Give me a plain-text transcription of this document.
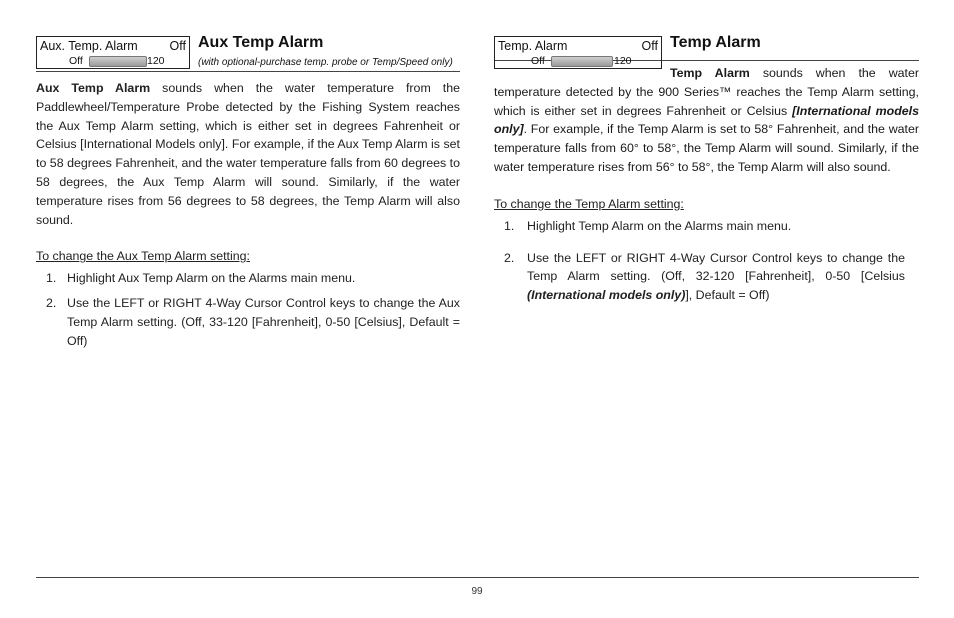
Aux. Temp. Alarm	Off
Off	120
Aux Temp Alarm
(with optional-purchase temp. probe or Temp/Speed only)

Aux Temp Alarm sounds when the water temperature from the Paddlewheel/Temperature Probe detected by the Fishing System reaches the Aux Temp Alarm setting, which is either set in degrees Fahrenheit or Celsius [International Models only]. For example, if the Aux Temp Alarm is set to 58 degrees Fahrenheit, and the water temperature falls from 60 degrees to 58 degrees, the Aux Temp Alarm will sound. Similarly, if the water temperature rises from 56 degrees to 58 degrees, the Temp Alarm will also sound.

To change the Aux Temp Alarm setting:
1. Highlight Aux Temp Alarm on the Alarms main menu.
2. Use the LEFT or RIGHT 4-Way Cursor Control keys to change the Aux Temp Alarm setting. (Off, 33-120 [Fahrenheit], 0-50 [Celsius], Default = Off)
Temp. Alarm	Off
Off	120
Temp Alarm

Temp Alarm sounds when the water temperature detected by the 900 Series™ reaches the Temp Alarm setting, which is either set in degrees Fahrenheit or Celsius [International models only]. For example, if the Temp Alarm is set to 58° Fahrenheit, and the water temperature falls from 60° to 58°, the Temp Alarm will sound. Similarly, if the water temperature rises from 56° to 58°, the Temp Alarm will also sound.

To change the Temp Alarm setting:
1. Highlight Temp Alarm on the Alarms main menu.
2. Use the LEFT or RIGHT 4-Way Cursor Control keys to change the Temp Alarm setting. (Off, 32-120 [Fahrenheit], 0-50 [Celsius (International models only)], Default = Off)
99
